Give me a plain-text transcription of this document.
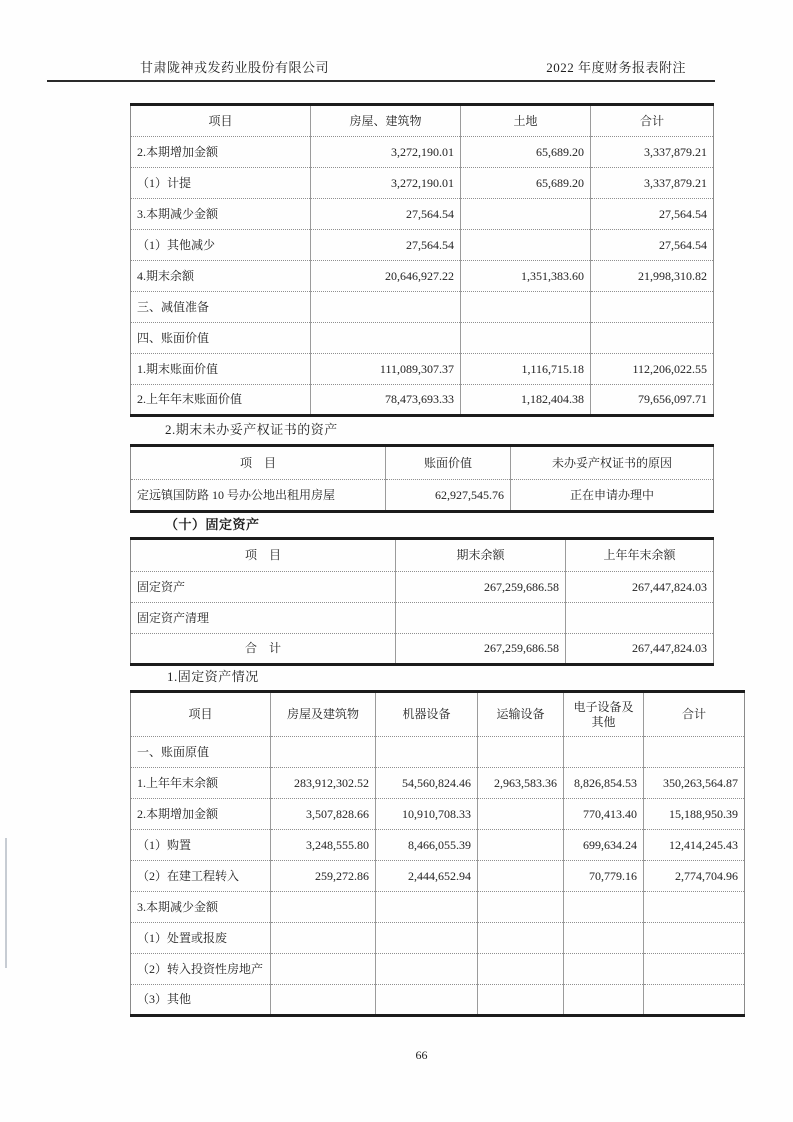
甘肃陇神戎发药业股份有限公司	2022 年度财务报表附注
项目	房屋、建筑物	土地	合计
2.本期增加金额	3,272,190.01	65,689.20	3,337,879.21
（1）计提	3,272,190.01	65,689.20	3,337,879.21
3.本期减少金额	27,564.54		27,564.54
（1）其他减少	27,564.54		27,564.54
4.期末余额	20,646,927.22	1,351,383.60	21,998,310.82
三、减值准备			
四、账面价值			
1.期末账面价值	111,089,307.37	1,116,715.18	112,206,022.55
2.上年年末账面价值	78,473,693.33	1,182,404.38	79,656,097.71
2.期末未办妥产权证书的资产
项　目	账面价值	未办妥产权证书的原因
定远镇国防路 10 号办公地出租用房屋	62,927,545.76	正在申请办理中
（十）固定资产
项　目	期末余额	上年年末余额
固定资产	267,259,686.58	267,447,824.03
固定资产清理		
合　计	267,259,686.58	267,447,824.03
1.固定资产情况
项目	房屋及建筑物	机器设备	运输设备	电子设备及其他	合计
一、账面原值					
1.上年年末余额	283,912,302.52	54,560,824.46	2,963,583.36	8,826,854.53	350,263,564.87
2.本期增加金额	3,507,828.66	10,910,708.33		770,413.40	15,188,950.39
（1）购置	3,248,555.80	8,466,055.39		699,634.24	12,414,245.43
（2）在建工程转入	259,272.86	2,444,652.94		70,779.16	2,774,704.96
3.本期减少金额					
（1）处置或报废					
（2）转入投资性房地产					
（3）其他					
66
